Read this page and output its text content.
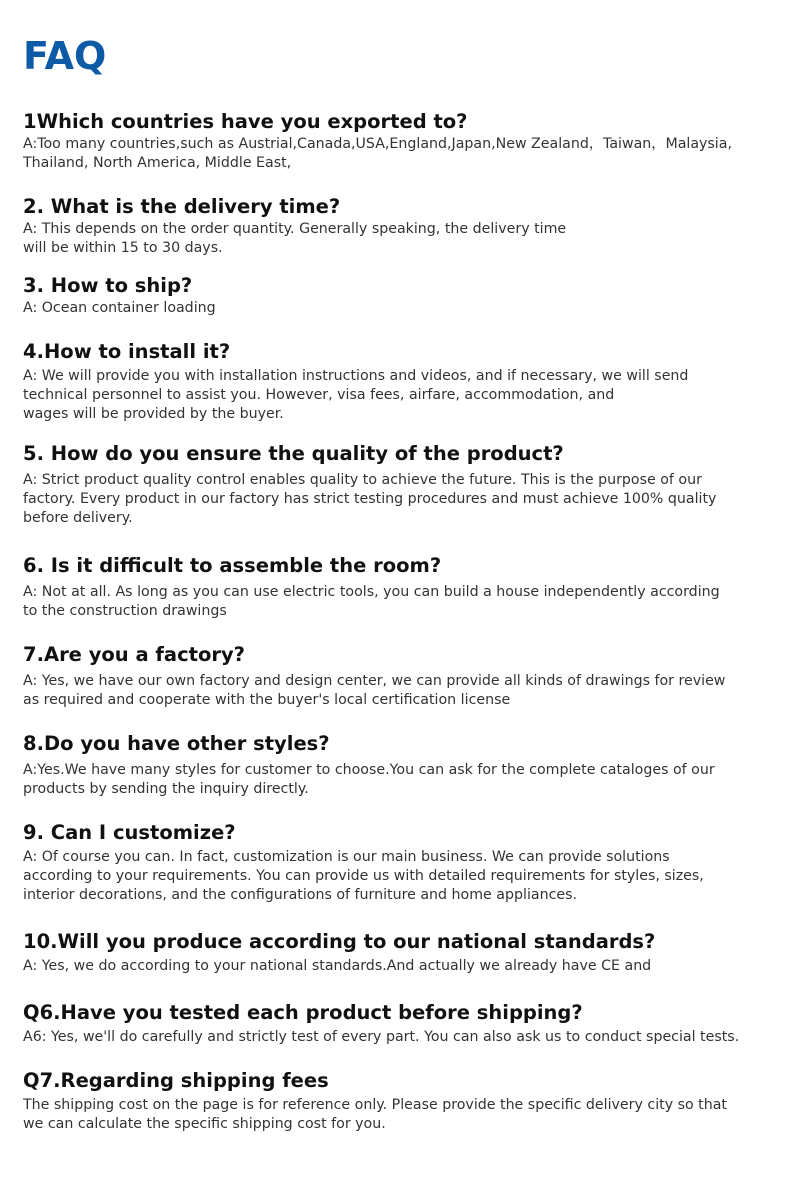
FAQ
1Which countries have you exported to?

A:Too many countries,such as Austrial,Canada,USA,England,Japan,New Zealand，Taiwan，Malaysia,
Thailand, North America, Middle East,

2. What is the delivery time?

A: This depends on the order quantity. Generally speaking, the delivery time
will be within 15 to 30 days.

3. How to ship?

A: Ocean container loading

4.How to install it?

A: We will provide you with installation instructions and videos, and if necessary, we will send
technical personnel to assist you. However, visa fees, airfare, accommodation, and
wages will be provided by the buyer.

5. How do you ensure the quality of the product?

A: Strict product quality control enables quality to achieve the future. This is the purpose of our
factory. Every product in our factory has strict testing procedures and must achieve 100% quality
before delivery.

6. Is it difficult to assemble the room?

A: Not at all. As long as you can use electric tools, you can build a house independently according
to the construction drawings

7.Are you a factory?

A: Yes, we have our own factory and design center, we can provide all kinds of drawings for review
as required and cooperate with the buyer's local certification license

8.Do you have other styles?

A:Yes.We have many styles for customer to choose.You can ask for the complete cataloges of our
products by sending the inquiry directly.

9. Can I customize?

A: Of course you can. In fact, customization is our main business. We can provide solutions
according to your requirements. You can provide us with detailed requirements for styles, sizes,
interior decorations, and the configurations of furniture and home appliances.

10.Will you produce according to our national standards?

A: Yes, we do according to your national standards.And actually we already have CE and

Q6.Have you tested each product before shipping?

A6: Yes, we'll do carefully and strictly test of every part. You can also ask us to conduct special tests.

Q7.Regarding shipping fees

The shipping cost on the page is for reference only. Please provide the specific delivery city so that
we can calculate the specific shipping cost for you.
